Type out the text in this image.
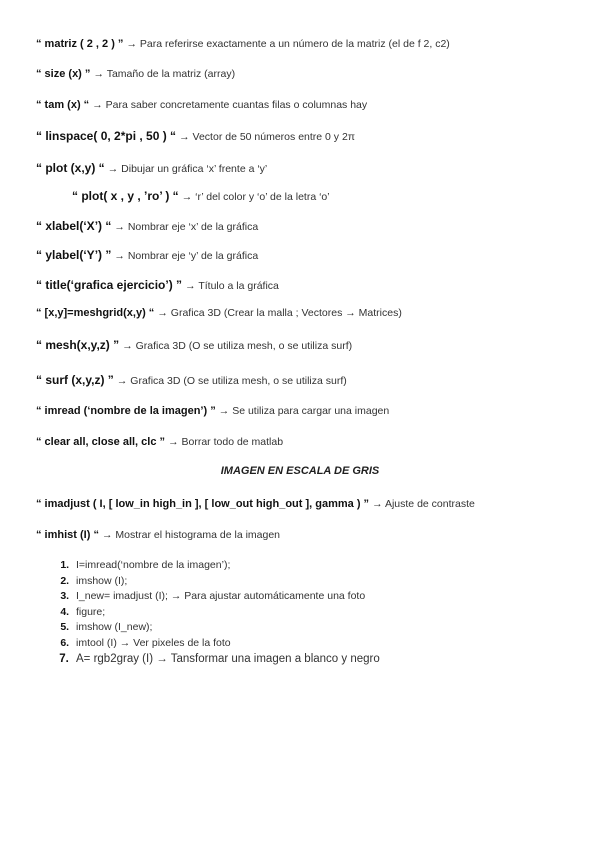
“ matriz ( 2 , 2 ) ” → Para referirse exactamente a un número de la matriz (el de f 2, c2)
“ size (x) ” → Tamaño de la matriz (array)
“ tam (x) “ → Para saber concretamente cuantas filas o columnas hay
“ linspace( 0, 2*pi , 50 ) “ → Vector de 50 números entre 0 y 2π
“ plot (x,y) “ → Dibujar un gráfica ‘x’ frente a ‘y’
“ plot( x , y , ’ro’ ) “ → ‘r’ del color y ‘o’ de la letra ‘o’
“ xlabel(‘X’) “ → Nombrar eje ‘x’ de la gráfica
“ ylabel(‘Y’) ” → Nombrar eje ‘y’ de la gráfica
“ title(‘grafica ejercicio’) ” → Título a la gráfica
“ [x,y]=meshgrid(x,y) “ → Grafica 3D (Crear la malla ; Vectores → Matrices)
“ mesh(x,y,z) ” → Grafica 3D (O se utiliza mesh, o se utiliza surf)
“ surf (x,y,z) ” → Grafica 3D (O se utiliza mesh, o se utiliza surf)
“ imread (‘nombre de la imagen’) ” → Se utiliza para cargar una imagen
“ clear all, close all, clc ” → Borrar todo de matlab
IMAGEN EN ESCALA DE GRIS
“ imadjust ( I, [ low_in high_in ], [ low_out high_out ], gamma ) ” → Ajuste de contraste
“ imhist (I) “ → Mostrar el histograma de la imagen
1. I=imread(‘nombre de la imagen’);
2. imshow (I);
3. I_new= imadjust (I); → Para ajustar automáticamente una foto
4. figure;
5. imshow (I_new);
6. imtool (I) → Ver pixeles de la foto
7. A= rgb2gray (I) → Tansformar una imagen a blanco y negro
